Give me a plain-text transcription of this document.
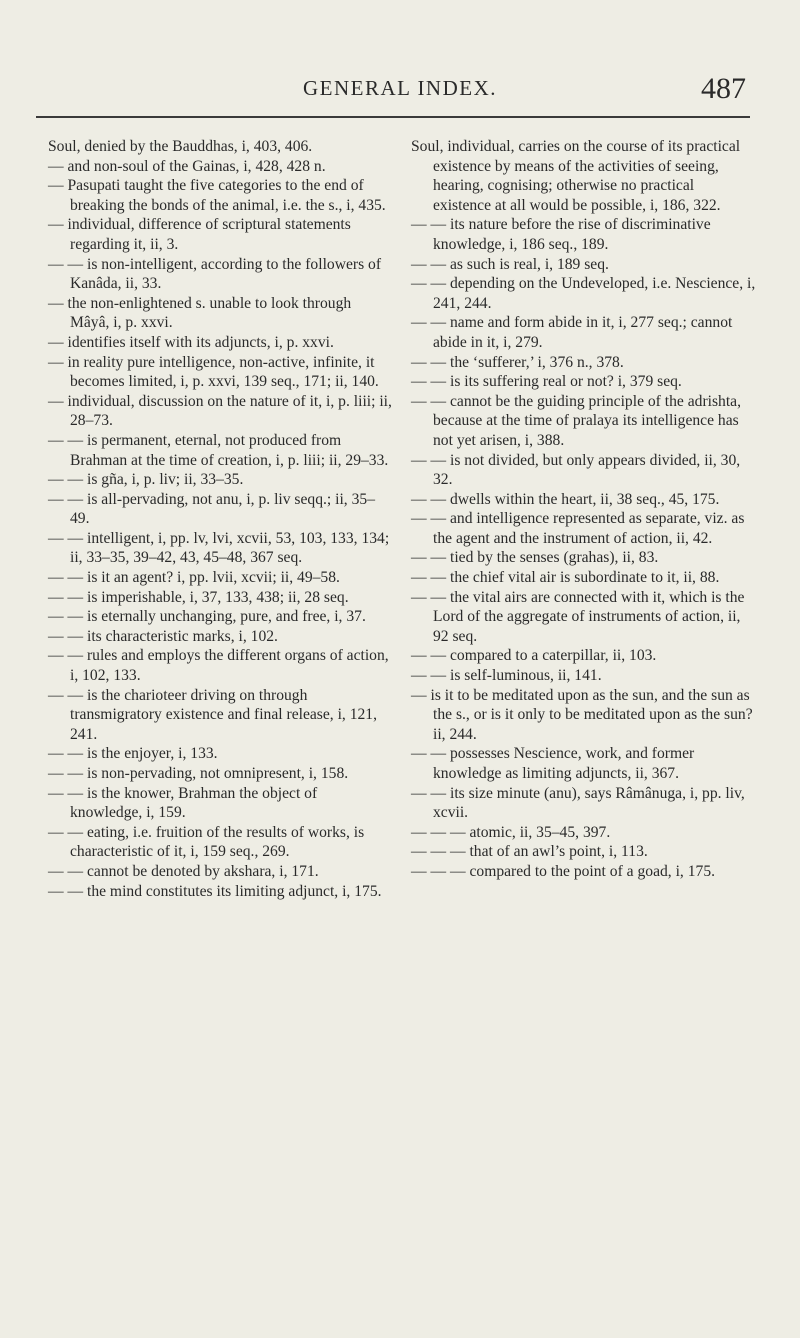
GENERAL INDEX.	487

Soul, denied by the Bauddhas, i, 403, 406.

— and non-soul of the Gainas, i, 428, 428 n.

— Pasupati taught the five categories to the end of breaking the bonds of the animal, i.e. the s., i, 435.

— individual, difference of scriptural statements regarding it, ii, 3.

— — is non-intelligent, according to the followers of Kanâda, ii, 33.

— the non-enlightened s. unable to look through Mâyâ, i, p. xxvi.

— identifies itself with its adjuncts, i, p. xxvi.

— in reality pure intelligence, non-active, infinite, it becomes limited, i, p. xxvi, 139 seq., 171; ii, 140.

— individual, discussion on the nature of it, i, p. liii; ii, 28–73.

— — is permanent, eternal, not produced from Brahman at the time of creation, i, p. liii; ii, 29–33.

— — is gña, i, p. liv; ii, 33–35.

— — is all-pervading, not anu, i, p. liv seqq.; ii, 35–49.

— — intelligent, i, pp. lv, lvi, xcvii, 53, 103, 133, 134; ii, 33–35, 39–42, 43, 45–48, 367 seq.

— — is it an agent? i, pp. lvii, xcvii; ii, 49–58.

— — is imperishable, i, 37, 133, 438; ii, 28 seq.

— — is eternally unchanging, pure, and free, i, 37.

— — its characteristic marks, i, 102.

— — rules and employs the different organs of action, i, 102, 133.

— — is the charioteer driving on through transmigratory existence and final release, i, 121, 241.

— — is the enjoyer, i, 133.

— — is non-pervading, not omnipresent, i, 158.

— — is the knower, Brahman the object of knowledge, i, 159.

— — eating, i.e. fruition of the results of works, is characteristic of it, i, 159 seq., 269.

— — cannot be denoted by akshara, i, 171.

— — the mind constitutes its limiting adjunct, i, 175.

Soul, individual, carries on the course of its practical existence by means of the activities of seeing, hearing, cognising; otherwise no practical existence at all would be possible, i, 186, 322.

— — its nature before the rise of discriminative knowledge, i, 186 seq., 189.

— — as such is real, i, 189 seq.

— — depending on the Undeveloped, i.e. Nescience, i, 241, 244.

— — name and form abide in it, i, 277 seq.; cannot abide in it, i, 279.

— — the ‘sufferer,’ i, 376 n., 378.

— — is its suffering real or not? i, 379 seq.

— — cannot be the guiding principle of the adrishta, because at the time of pralaya its intelligence has not yet arisen, i, 388.

— — is not divided, but only appears divided, ii, 30, 32.

— — dwells within the heart, ii, 38 seq., 45, 175.

— — and intelligence represented as separate, viz. as the agent and the instrument of action, ii, 42.

— — tied by the senses (grahas), ii, 83.

— — the chief vital air is subordinate to it, ii, 88.

— — the vital airs are connected with it, which is the Lord of the aggregate of instruments of action, ii, 92 seq.

— — compared to a caterpillar, ii, 103.

— — is self-luminous, ii, 141.

— is it to be meditated upon as the sun, and the sun as the s., or is it only to be meditated upon as the sun? ii, 244.

— — possesses Nescience, work, and former knowledge as limiting adjuncts, ii, 367.

— — its size minute (anu), says Râmânuga, i, pp. liv, xcvii.

— — — atomic, ii, 35–45, 397.

— — — that of an awl’s point, i, 113.

— — — compared to the point of a goad, i, 175.
